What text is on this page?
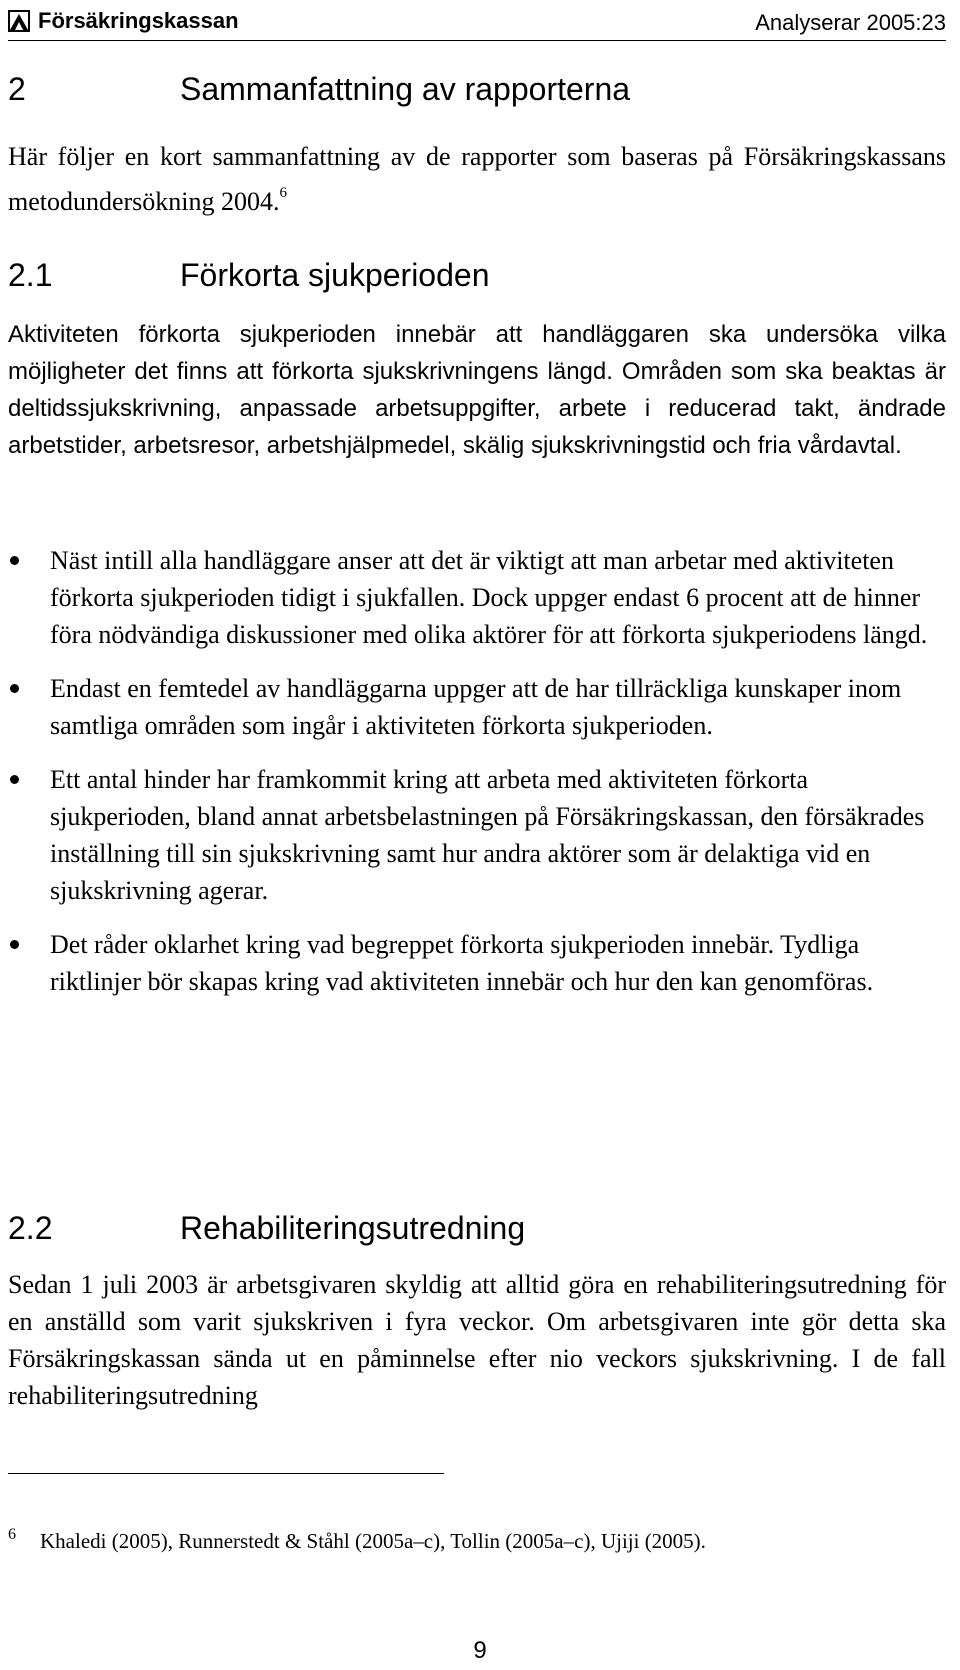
Försäkringskassan	Analyserar 2005:23
2	Sammanfattning av rapporterna
Här följer en kort sammanfattning av de rapporter som baseras på Försäkringskassans metodundersökning 2004.$^6$
2.1	Förkorta sjukperioden
Aktiviteten förkorta sjukperioden innebär att handläggaren ska undersöka vilka möjligheter det finns att förkorta sjukskrivningens längd. Områden som ska beaktas är deltidssjukskrivning, anpassade arbetsuppgifter, arbete i reducerad takt, ändrade arbetstider, arbetsresor, arbetshjälpmedel, skälig sjukskrivningstid och fria vårdavtal.
Näst intill alla handläggare anser att det är viktigt att man arbetar med aktiviteten förkorta sjukperioden tidigt i sjukfallen. Dock uppger endast 6 procent att de hinner föra nödvändiga diskussioner med olika aktörer för att förkorta sjukperiodens längd.
Endast en femtedel av handläggarna uppger att de har tillräckliga kunskaper inom samtliga områden som ingår i aktiviteten förkorta sjukperioden.
Ett antal hinder har framkommit kring att arbeta med aktiviteten förkorta sjukperioden, bland annat arbetsbelastningen på Försäkringskassan, den försäkrades inställning till sin sjukskrivning samt hur andra aktörer som är delaktiga vid en sjukskrivning agerar.
Det råder oklarhet kring vad begreppet förkorta sjukperioden innebär. Tydliga riktlinjer bör skapas kring vad aktiviteten innebär och hur den kan genomföras.
2.2	Rehabiliteringsutredning
Sedan 1 juli 2003 är arbetsgivaren skyldig att alltid göra en rehabiliteringsutredning för en anställd som varit sjukskriven i fyra veckor. Om arbetsgivaren inte gör detta ska Försäkringskassan sända ut en påminnelse efter nio veckors sjukskrivning. I de fall rehabiliteringsutredning
6 Khaledi (2005), Runnerstedt & Ståhl (2005a–c), Tollin (2005a–c), Ujiji (2005).
9
